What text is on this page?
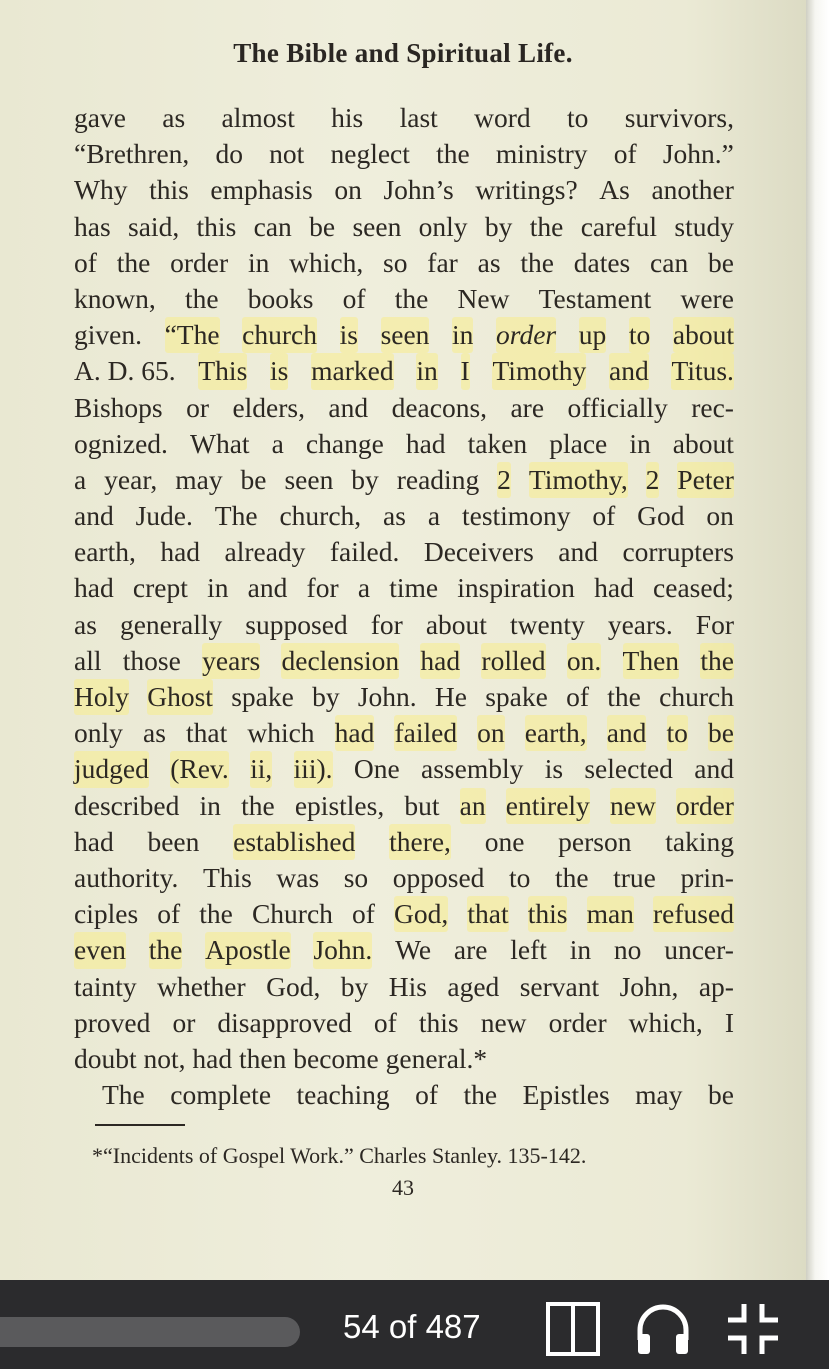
The Bible and Spiritual Life.
gave as almost his last word to survivors,
“Brethren, do not neglect the ministry of John.”
Why this emphasis on John’s writings? As another
has said, this can be seen only by the careful study
of the order in which, so far as the dates can be
known, the books of the New Testament were
given. “The church is seen in order up to about
A. D. 65. This is marked in I Timothy and Titus.
Bishops or elders, and deacons, are officially rec-
ognized. What a change had taken place in about
a year, may be seen by reading 2 Timothy, 2 Peter
and Jude. The church, as a testimony of God on
earth, had already failed. Deceivers and corrupters
had crept in and for a time inspiration had ceased;
as generally supposed for about twenty years. For
all those years declension had rolled on. Then the
Holy Ghost spake by John. He spake of the church
only as that which had failed on earth, and to be
judged (Rev. ii, iii). One assembly is selected and
described in the epistles, but an entirely new order
had been established there, one person taking
authority. This was so opposed to the true prin-
ciples of the Church of God, that this man refused
even the Apostle John. We are left in no uncer-
tainty whether God, by His aged servant John, ap-
proved or disapproved of this new order which, I
doubt not, had then become general.*
The complete teaching of the Epistles may be
*“Incidents of Gospel Work.” Charles Stanley. 135-142.
43
54 of 487
